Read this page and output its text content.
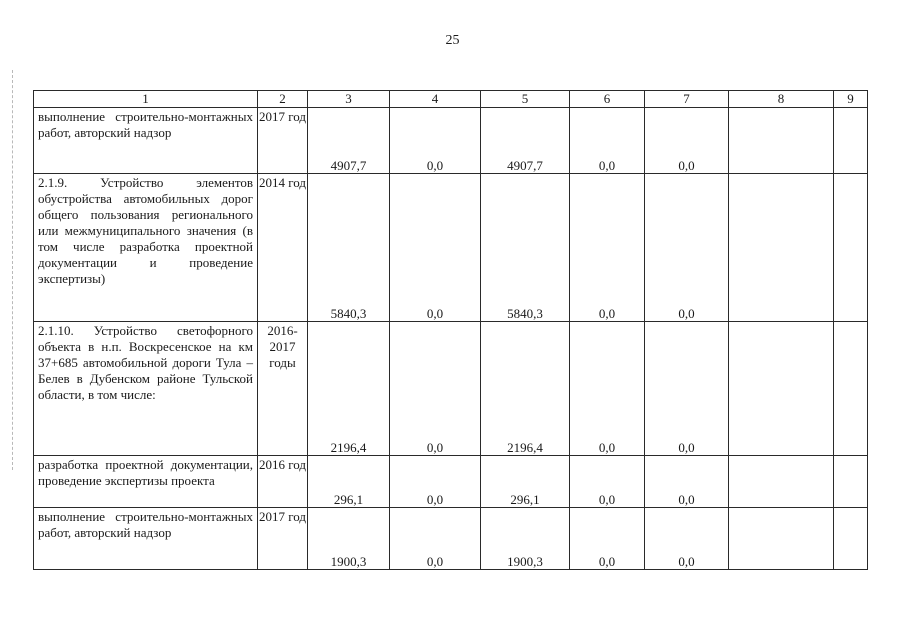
25
1	2	3	4	5	6	7	8	9

выполнение строительно-монтажных работ, авторский надзор	2017 год	4907,7	0,0	4907,7	0,0	0,0		

2.1.9. Устройство элементов обустройства автомобильных дорог общего пользования регионального или межмуниципального значения (в том числе разработка проектной документации и проведение экспертизы)	2014 год	5840,3	0,0	5840,3	0,0	0,0		

2.1.10. Устройство светофорного объекта в н.п. Воскресенское на км 37+685 автомобильной дороги Тула – Белев в Дубенском районе Тульской области, в том числе:	2016-2017 годы	2196,4	0,0	2196,4	0,0	0,0		

разработка проектной документации, проведение экспертизы проекта	2016 год	296,1	0,0	296,1	0,0	0,0		

выполнение строительно-монтажных работ, авторский надзор	2017 год	1900,3	0,0	1900,3	0,0	0,0		
